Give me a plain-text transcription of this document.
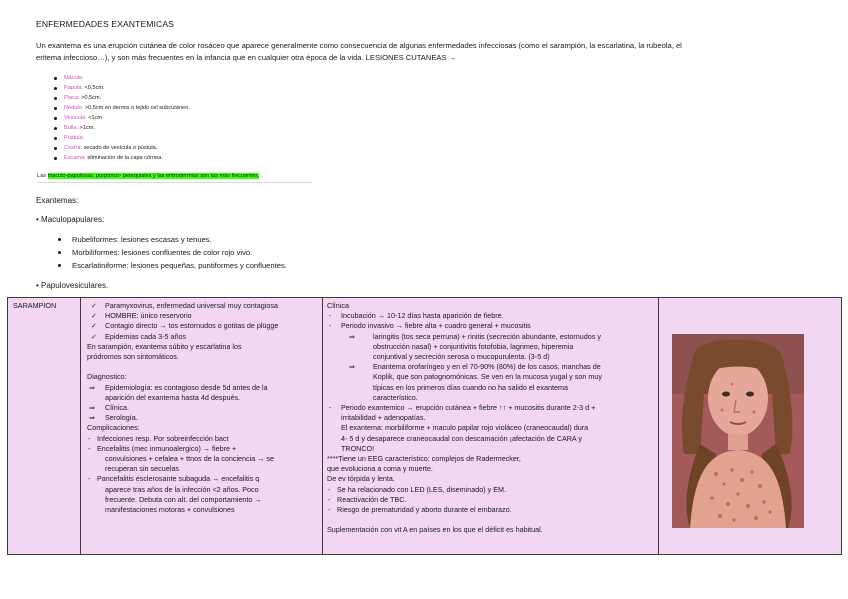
ENFERMEDADES EXANTEMICAS
Un exantema es una erupción cutánea de color rosáceo que aparece generalmente como consecuencia de algunas enfermedades infecciosas (como el sarampión, la escarlatina, la rubeola, el
eritema infeccioso…), y son más frecuentes en la infancia que en cualquier otra época de la vida. LESIONES CUTANEAS →
Mácula.
Pápula: <0,5cm.
Placa: >0,5cm.
Nódulo: >0,5cm en dermis o tejido cel subcutáneo.
Vesícula: <1cm.
Bulla: >1cm.
Pústula.
Costra: secado de vesícula o pústula.
Escama: eliminación de la capa córnea.
Las maculo-papulosas, purpúrico- petequiales y las eritrodermias son las más frecuentes.
Exantemas:
• Maculopapulares:
Rubeliformes: lesiones escasas y tenues.
Morbiliformes: lesiones confluentes de color rojo vivo.
Escarlatiniforme: lesiones pequeñas, puntiformes y confluentes.
• Papulovesiculares.
SARAMPION
✓	Paramyxovirus, enfermedad universal muy contagiosa
✓ HOMBRE: único reservorio
✓ Contagio directo → tos estornudos o gotitas de plügge
✓ Epidemias cada 3-5 años
En sarampión, exantema súbito y escarlatina los
pródromos son sintomáticos.
Diagnostico:
⇒ Epidemiología: es contagioso desde 5d antes de la
aparición del exantema hasta 4d después.
⇒ Clínica.
⇒ Serología.
Complicaciones:
- Infecciones resp. Por sobreinfección bact
- Encefalitis (mec inmunoalergico) → fiebre +
convulsiones + cefalea + ttnos de la conciencia → se
recuperan sin secuelas
- Pancefalitis esclerosante subaguda → encefalitis q
aparece tras años de la infección <2 años. Poco
frecuente. Debuta con alt. del comportamiento →
manifestaciones motoras + convulsiones
Clínica
- Incubación → 10-12 días hasta aparición de fiebre.
- Periodo invasivo → fiebre alta + cuadro general + mucositis
⇒ laringitis (tos seca perruna) + rinitis (secreción abundante, estornudos y
obstrucción nasal) + conjuntivitis fotofobia, lagrimeo, hiperemia
conjuntival y secreción serosa o mucopurulenta. (3-5 d)
⇒ Enantema orofaríngeo y en el 70-90% (80%) de los casos, manchas de
Koplik, que son patognomónicas. Se ven en la mucosa yugal y son muy
típicas en los primeros días cuando no ha salido el exantema
característico.
- Periodo exantemico → erupción cutánea + fiebre ↑↑ + mucositis durante 2-3 d +
irritabilidad + adenopatías.
El exantema: morbiliforme + maculo papilar rojo violáceo (craneocaudal) dura
4- 5 d y desaparece craneocaudal con descamación ¡afectación de CARA y
TRONCO!
****Tiene un EEG característico: complejos de Radermecker,
que evoluciona a coma y muerte.
De ev tórpida y lenta.
- Se ha relacionado con LED (LES, diseminado) y EM.
- Reactivación de TBC.
- Riesgo de prematuridad y aborto durante el embarazo.
Suplementación con vit A en países en los que el déficit es habitual.
